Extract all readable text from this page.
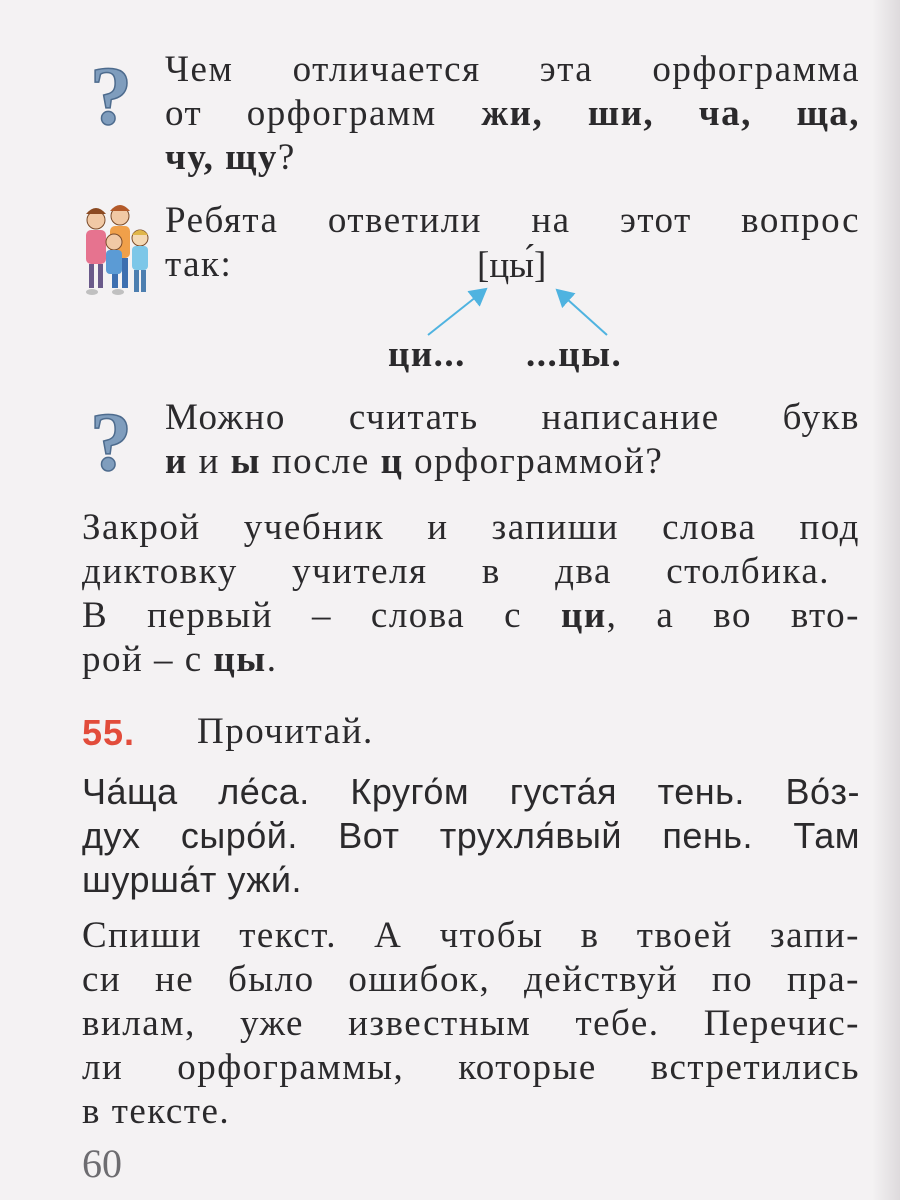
? Чем отличается эта орфограмма
от орфограмм жи, ши, ча, ща,
чу, щу?
Ребята ответили на этот вопрос
так:	[цы́]
ци... ...цы.
? Можно считать написание букв
и и ы после ц орфограммой?
Закрой учебник и запиши слова под
диктовку учителя в два столбика.
В первый – слова с ци, а во вто-
рой – с цы.
55. Прочитай.
Ча́ща ле́са. Круго́м густа́я тень. Во́з-
дух сыро́й. Вот трухля́вый пень. Там
шурша́т ужи́.
Спиши текст. А чтобы в твоей запи-
си не было ошибок, действуй по пра-
вилам, уже известным тебе. Перечис-
ли орфограммы, которые встретились
в тексте.
60
